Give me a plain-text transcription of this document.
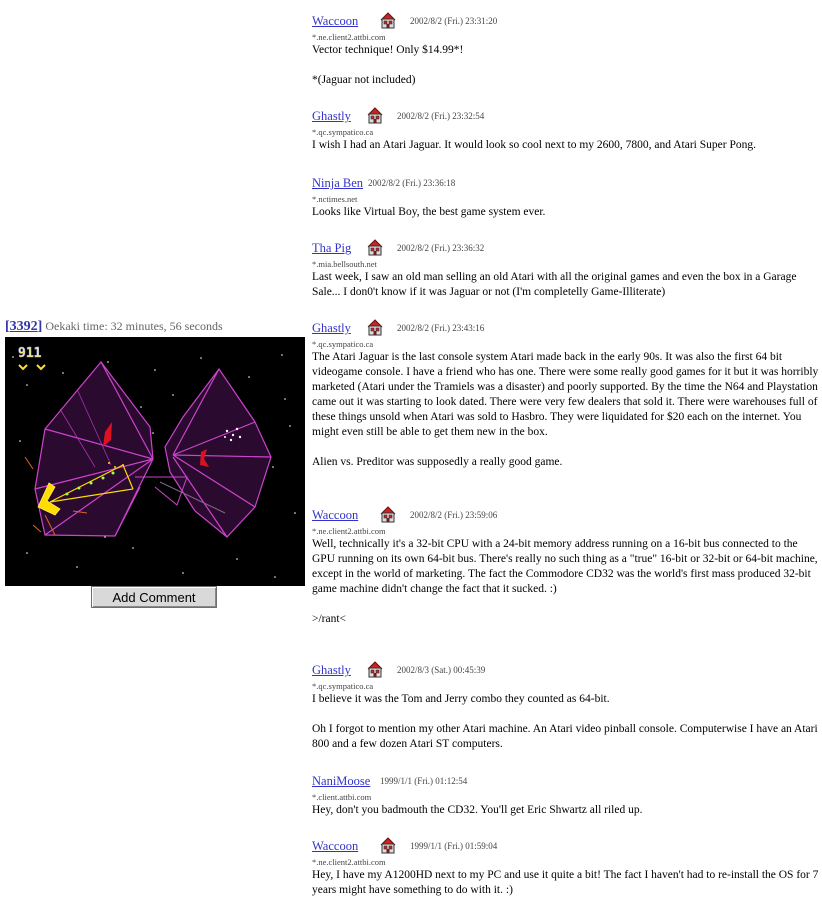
[3392] Oekaki time: 32 minutes, 56 seconds
911
Add Comment
Waccoon	2002/8/2 (Fri.) 23:31:20
*.ne.client2.attbi.com
Vector technique! Only $14.99*!

*(Jaguar not included)
Ghastly	2002/8/2 (Fri.) 23:32:54
*.qc.sympatico.ca
I wish I had an Atari Jaguar. It would look so cool next to my 2600, 7800, and Atari Super Pong.
Ninja Ben 2002/8/2 (Fri.) 23:36:18
*.nctimes.net
Looks like Virtual Boy, the best game system ever.
Tha Pig	2002/8/2 (Fri.) 23:36:32
*.mia.bellsouth.net
Last week, I saw an old man selling an old Atari with all the original games and even the box in a Garage Sale... I don0't know if it was Jaguar or not (I'm completelly Game-Illiterate)
Ghastly	2002/8/2 (Fri.) 23:43:16
*.qc.sympatico.ca
The Atari Jaguar is the last console system Atari made back in the early 90s. It was also the first 64 bit videogame console. I have a friend who has one. There were some really good games for it but it was horribly marketed (Atari under the Tramiels was a disaster) and poorly supported. By the time the N64 and Playstation came out it was starting to look dated. There were very few dealers that sold it. There were warehouses full of these things unsold when Atari was sold to Hasbro. They were liquidated for $20 each on the internet. You might even still be able to get them new in the box.

Alien vs. Preditor was supposedly a really good game.
Waccoon	2002/8/2 (Fri.) 23:59:06
*.ne.client2.attbi.com
Well, technically it's a 32-bit CPU with a 24-bit memory address running on a 16-bit bus connected to the GPU running on its own 64-bit bus. There's really no such thing as a "true" 16-bit or 32-bit or 64-bit machine, except in the world of marketing. The fact the Commodore CD32 was the world's first mass produced 32-bit game machine didn't change the fact that it sucked. :)

>/rant<
Ghastly	2002/8/3 (Sat.) 00:45:39
*.qc.sympatico.ca
I believe it was the Tom and Jerry combo they counted as 64-bit.

Oh I forgot to mention my other Atari machine. An Atari video pinball console. Computerwise I have an Atari 800 and a few dozen Atari ST computers.
NaniMoose 1999/1/1 (Fri.) 01:12:54
*.client.attbi.com
Hey, don't you badmouth the CD32. You'll get Eric Shwartz all riled up.
Waccoon	1999/1/1 (Fri.) 01:59:04
*.ne.client2.attbi.com
Hey, I have my A1200HD next to my PC and use it quite a bit! The fact I haven't had to re-install the OS for 7 years might have something to do with it. :)
